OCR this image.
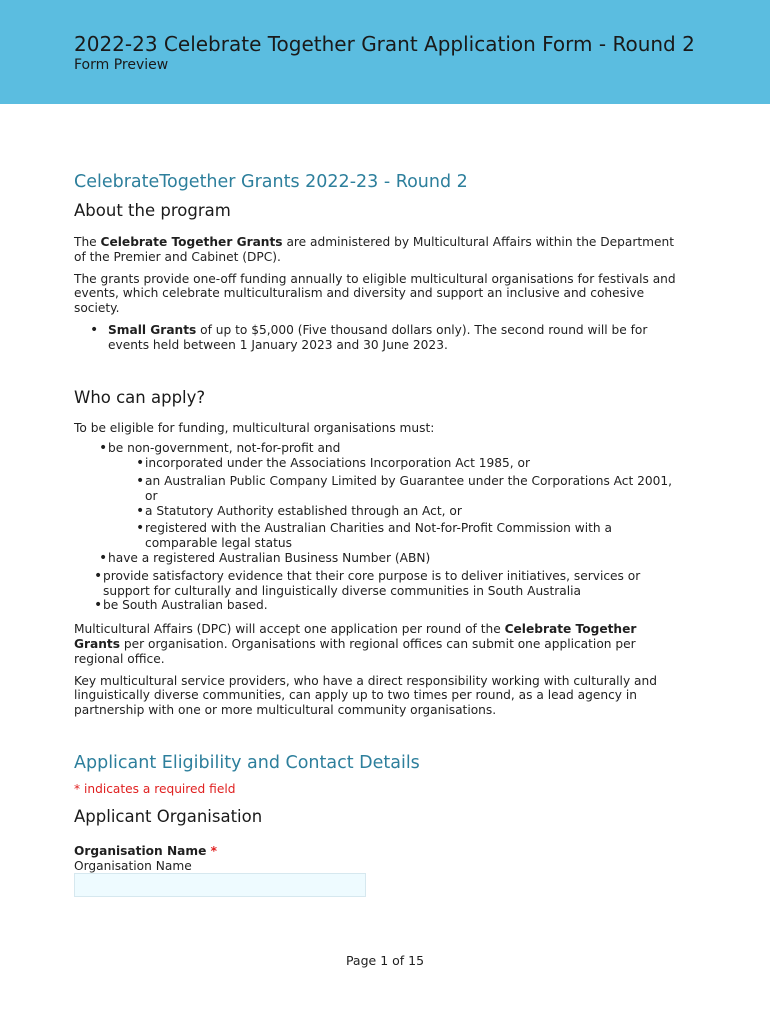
2022-23 Celebrate Together Grant Application Form - Round 2
Form Preview
CelebrateTogether Grants 2022-23 - Round 2
About the program

The Celebrate Together Grants are administered by Multicultural Affairs within the Department of the Premier and Cabinet (DPC).

The grants provide one-off funding annually to eligible multicultural organisations for festivals and events, which celebrate multiculturalism and diversity and support an inclusive and cohesive society.

• Small Grants of up to $5,000 (Five thousand dollars only). The second round will be for events held between 1 January 2023 and 30 June 2023.
Who can apply?

To be eligible for funding, multicultural organisations must:

• be non-government, not-for-profit and
• incorporated under the Associations Incorporation Act 1985, or
• an Australian Public Company Limited by Guarantee under the Corporations Act 2001, or
• a Statutory Authority established through an Act, or
• registered with the Australian Charities and Not-for-Profit Commission with a comparable legal status
• have a registered Australian Business Number (ABN)
• provide satisfactory evidence that their core purpose is to deliver initiatives, services or support for culturally and linguistically diverse communities in South Australia
• be South Australian based.

Multicultural Affairs (DPC) will accept one application per round of the Celebrate Together Grants per organisation. Organisations with regional offices can submit one application per regional office.

Key multicultural service providers, who have a direct responsibility working with culturally and linguistically diverse communities, can apply up to two times per round, as a lead agency in partnership with one or more multicultural community organisations.

Applicant Eligibility and Contact Details

* indicates a required field

Applicant Organisation
Organisation Name *
Organisation Name
Page 1 of 15
